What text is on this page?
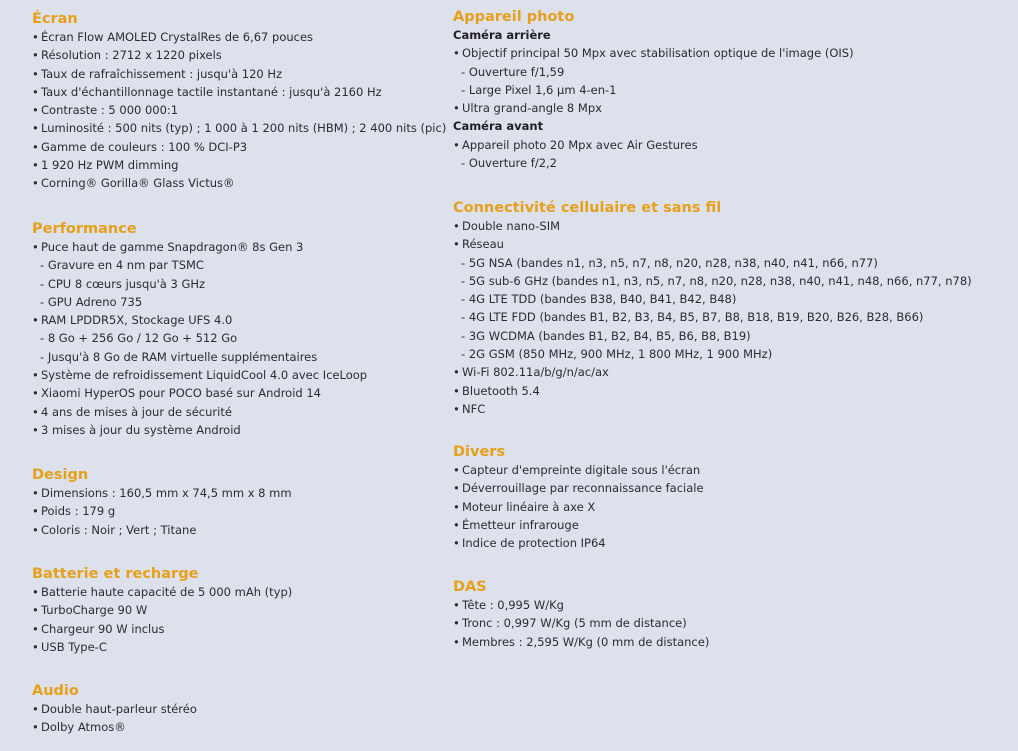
Écran
• Écran Flow AMOLED CrystalRes de 6,67 pouces
• Résolution : 2712 x 1220 pixels
• Taux de rafraîchissement : jusqu'à 120 Hz
• Taux d'échantillonnage tactile instantané : jusqu'à 2160 Hz
• Contraste : 5 000 000:1
• Luminosité : 500 nits (typ) ; 1 000 à 1 200 nits (HBM) ; 2 400 nits (pic)
• Gamme de couleurs : 100 % DCI-P3
• 1 920 Hz PWM dimming
• Corning® Gorilla® Glass Victus®
Performance
• Puce haut de gamme Snapdragon® 8s Gen 3
- Gravure en 4 nm par TSMC
- CPU 8 cœurs jusqu'à 3 GHz
- GPU Adreno 735
• RAM LPDDR5X, Stockage UFS 4.0
- 8 Go + 256 Go / 12 Go + 512 Go
- Jusqu'à 8 Go de RAM virtuelle supplémentaires
• Système de refroidissement LiquidCool 4.0 avec IceLoop
• Xiaomi HyperOS pour POCO basé sur Android 14
• 4 ans de mises à jour de sécurité
• 3 mises à jour du système Android
Design
• Dimensions : 160,5 mm x 74,5 mm x 8 mm
• Poids : 179 g
• Coloris : Noir ; Vert ; Titane
Batterie et recharge
• Batterie haute capacité de 5 000 mAh (typ)
• TurboCharge 90 W
• Chargeur 90 W inclus
• USB Type-C
Audio
• Double haut-parleur stéréo
• Dolby Atmos®
Appareil photo
Caméra arrière
• Objectif principal 50 Mpx avec stabilisation optique de l'image (OIS)
- Ouverture f/1,59
- Large Pixel 1,6 µm 4-en-1
• Ultra grand-angle 8 Mpx
Caméra avant
• Appareil photo 20 Mpx avec Air Gestures
- Ouverture f/2,2
Connectivité cellulaire et sans fil
• Double nano-SIM
• Réseau
- 5G NSA (bandes n1, n3, n5, n7, n8, n20, n28, n38, n40, n41, n66, n77)
- 5G sub-6 GHz (bandes n1, n3, n5, n7, n8, n20, n28, n38, n40, n41, n48, n66, n77, n78)
- 4G LTE TDD (bandes B38, B40, B41, B42, B48)
- 4G LTE FDD (bandes B1, B2, B3, B4, B5, B7, B8, B18, B19, B20, B26, B28, B66)
- 3G WCDMA (bandes B1, B2, B4, B5, B6, B8, B19)
- 2G GSM (850 MHz, 900 MHz, 1 800 MHz, 1 900 MHz)
• Wi-Fi 802.11a/b/g/n/ac/ax
• Bluetooth 5.4
• NFC
Divers
• Capteur d'empreinte digitale sous l'écran
• Déverrouillage par reconnaissance faciale
• Moteur linéaire à axe X
• Émetteur infrarouge
• Indice de protection IP64
DAS
• Tête : 0,995 W/Kg
• Tronc : 0,997 W/Kg (5 mm de distance)
• Membres : 2,595 W/Kg (0 mm de distance)
